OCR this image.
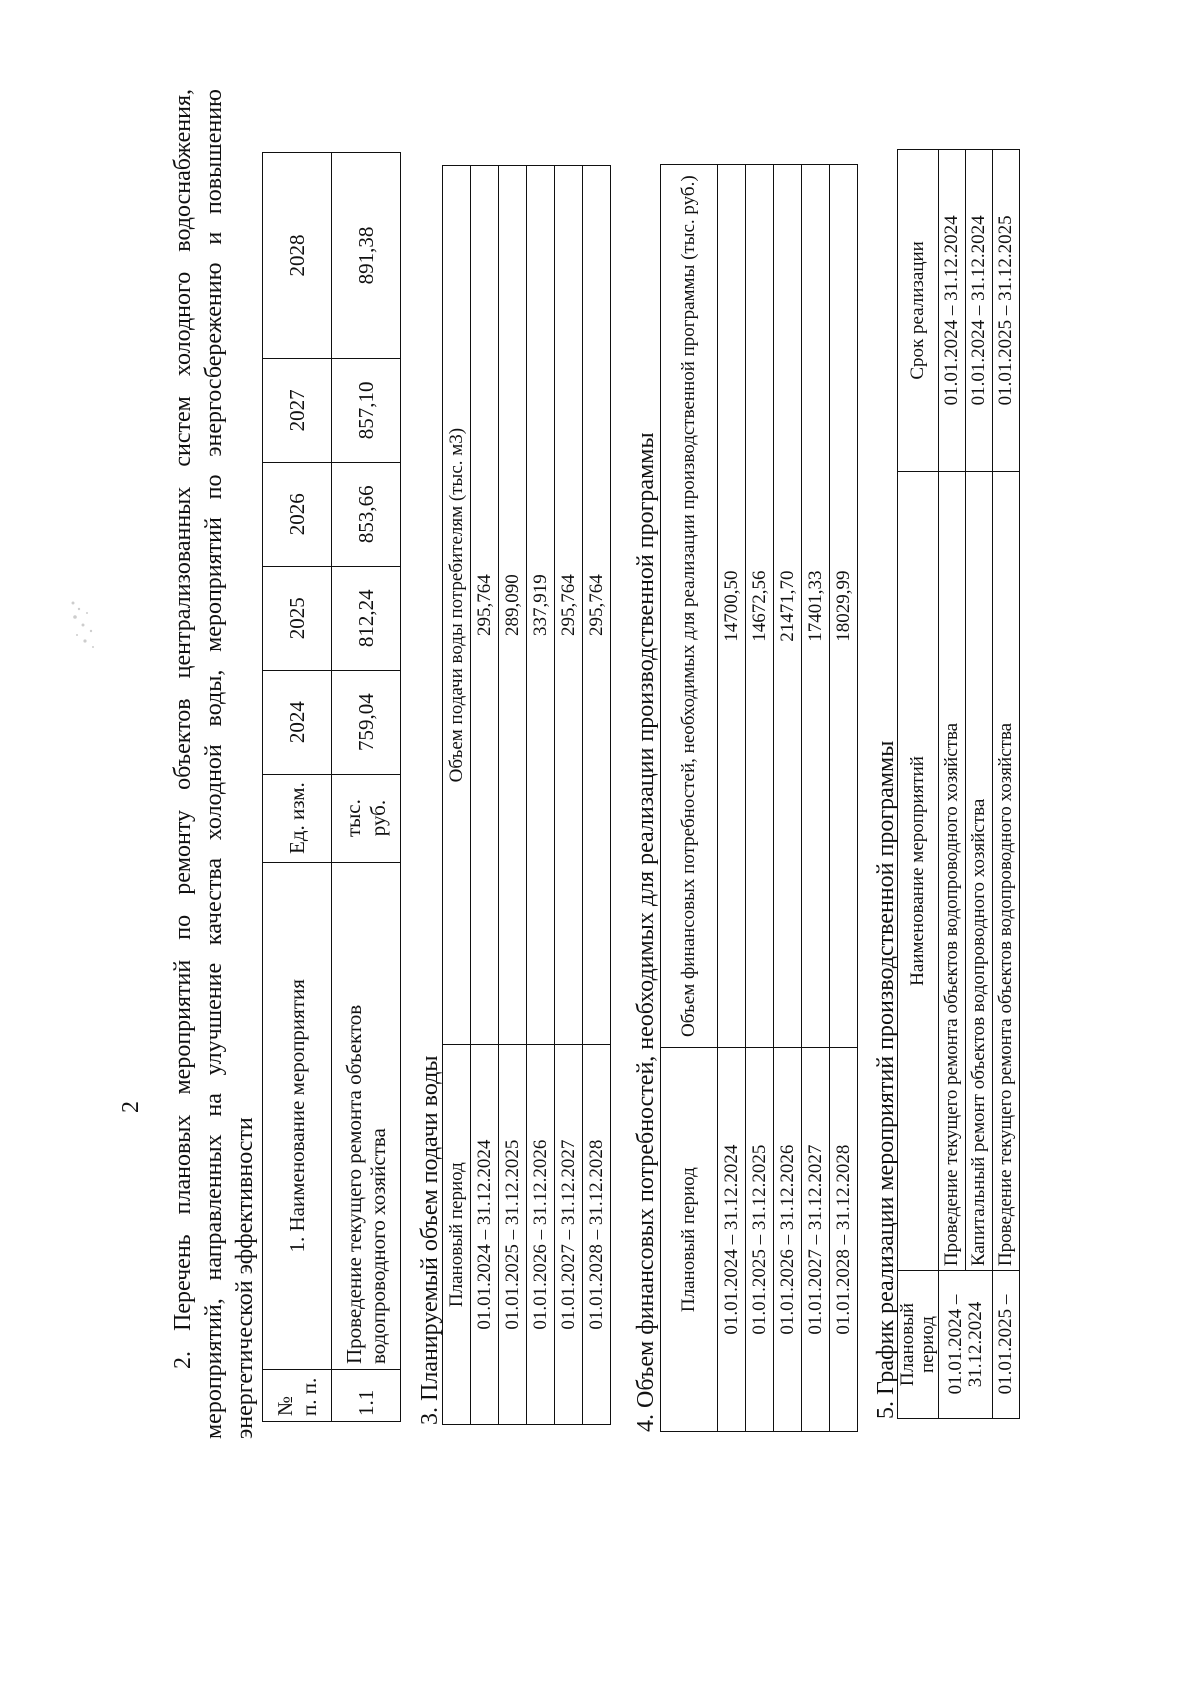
2 2. Перечень плановых мероприятий по ремонту объектов централизованных систем холодного водоснабжения, мероприятий, направленных на улучшение качества холодной воды, мероприятий по энергосбережению и повышению энергетической эффективности № п. п.	1. Наименование мероприятия	Ед. изм.	2024	2025	2026	2027	2028
1.1	Проведение текущего ремонта объектов водопроводного хозяйства	тыс. руб.	759,04	812,24	853,66	857,10	891,38
3. Планируемый объем подачи воды Плановый период	Объем подачи воды потребителям (тыс. м3)
01.01.2024 – 31.12.2024	295,764
01.01.2025 – 31.12.2025	289,090
01.01.2026 – 31.12.2026	337,919
01.01.2027 – 31.12.2027	295,764
01.01.2028 – 31.12.2028	295,764 4. Объем финансовых потребностей, необходимых для реализации производственной программы Плановый период	Объем финансовых потребностей, необходимых для реализации производственной программы (тыс. руб.)
01.01.2024 – 31.12.2024	14700,50
01.01.2025 – 31.12.2025	14672,56
01.01.2026 – 31.12.2026	21471,70
01.01.2027 – 31.12.2027	17401,33
01.01.2028 – 31.12.2028	18029,99
5. График реализации мероприятий производственной программы
Плановый период	Наименование мероприятий	Срок реализации
01.01.2024 – 31.12.2024	Проведение текущего ремонта объектов водопроводного хозяйства	01.01.2024 – 31.12.2024
	Капитальный ремонт объектов водопроводного хозяйства	01.01.2024 – 31.12.2024
01.01.2025 –	Проведение текущего ремонта объектов водопроводного хозяйства	01.01.2025 – 31.12.2025
